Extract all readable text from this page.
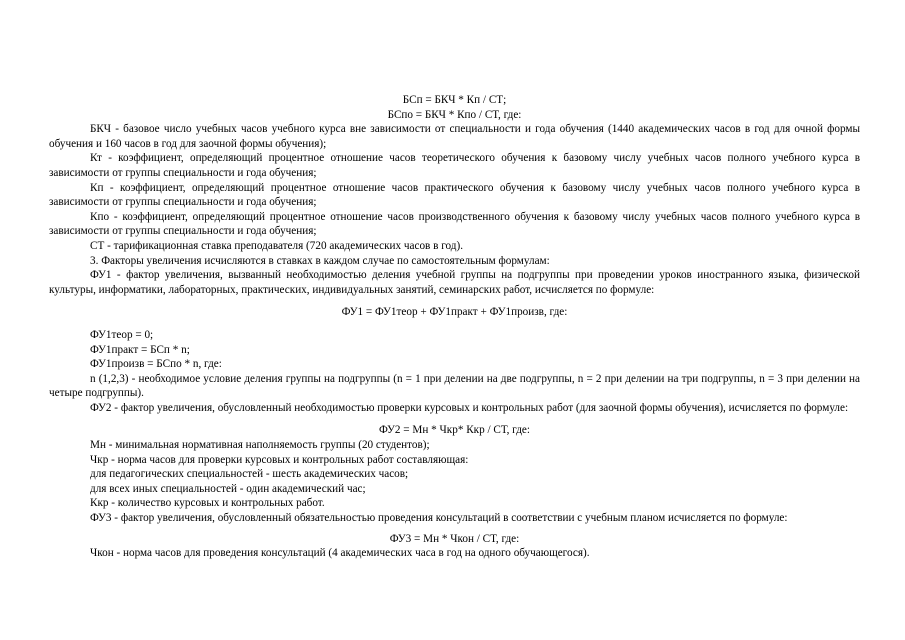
БСп = БКЧ * Кп / СТ;

БСпо = БКЧ * Кпо / СТ, где:

БКЧ - базовое число учебных часов учебного курса вне зависимости от специальности и года обучения (1440 академических часов в год для очной формы обучения и 160 часов в год для заочной формы обучения);

Кт - коэффициент, определяющий процентное отношение часов теоретического обучения к базовому числу учебных часов полного учебного курса в зависимости от группы специальности и года обучения;

Кп - коэффициент, определяющий процентное отношение часов практического обучения к базовому числу учебных часов полного учебного курса в зависимости от группы специальности и года обучения;

Кпо - коэффициент, определяющий процентное отношение часов производственного обучения к базовому числу учебных часов полного учебного курса в зависимости от группы специальности и года обучения;

СТ - тарификационная ставка преподавателя (720 академических часов в год).

3. Факторы увеличения исчисляются в ставках в каждом случае по самостоятельным формулам:

ФУ1 - фактор увеличения, вызванный необходимостью деления учебной группы на подгруппы при проведении уроков иностранного языка, физической культуры, информатики, лабораторных, практических, индивидуальных занятий, семинарских работ, исчисляется по формуле:

ФУ1 = ФУ1теор + ФУ1практ + ФУ1произв, где:

ФУ1теор = 0;

ФУ1практ = БСп * n;

ФУ1произв = БСпо * n, где:

n (1,2,3) - необходимое условие деления группы на подгруппы (n = 1 при делении на две подгруппы, n = 2 при делении на три подгруппы, n = 3 при делении на четыре подгруппы).

ФУ2 - фактор увеличения, обусловленный необходимостью проверки курсовых и контрольных работ (для заочной формы обучения), исчисляется по формуле:

ФУ2 = Мн * Чкр* Ккр / СТ, где:

Мн - минимальная нормативная наполняемость группы (20 студентов);

Чкр - норма часов для проверки курсовых и контрольных работ составляющая:

для педагогических специальностей - шесть академических часов;

для всех иных специальностей - один академический час;

Ккр - количество курсовых и контрольных работ.

ФУ3 - фактор увеличения, обусловленный обязательностью проведения консультаций в соответствии с учебным планом исчисляется по формуле:

ФУ3 = Мн * Чкон / СТ, где:

Чкон - норма часов для проведения консультаций (4 академических часа в год на одного обучающегося).
